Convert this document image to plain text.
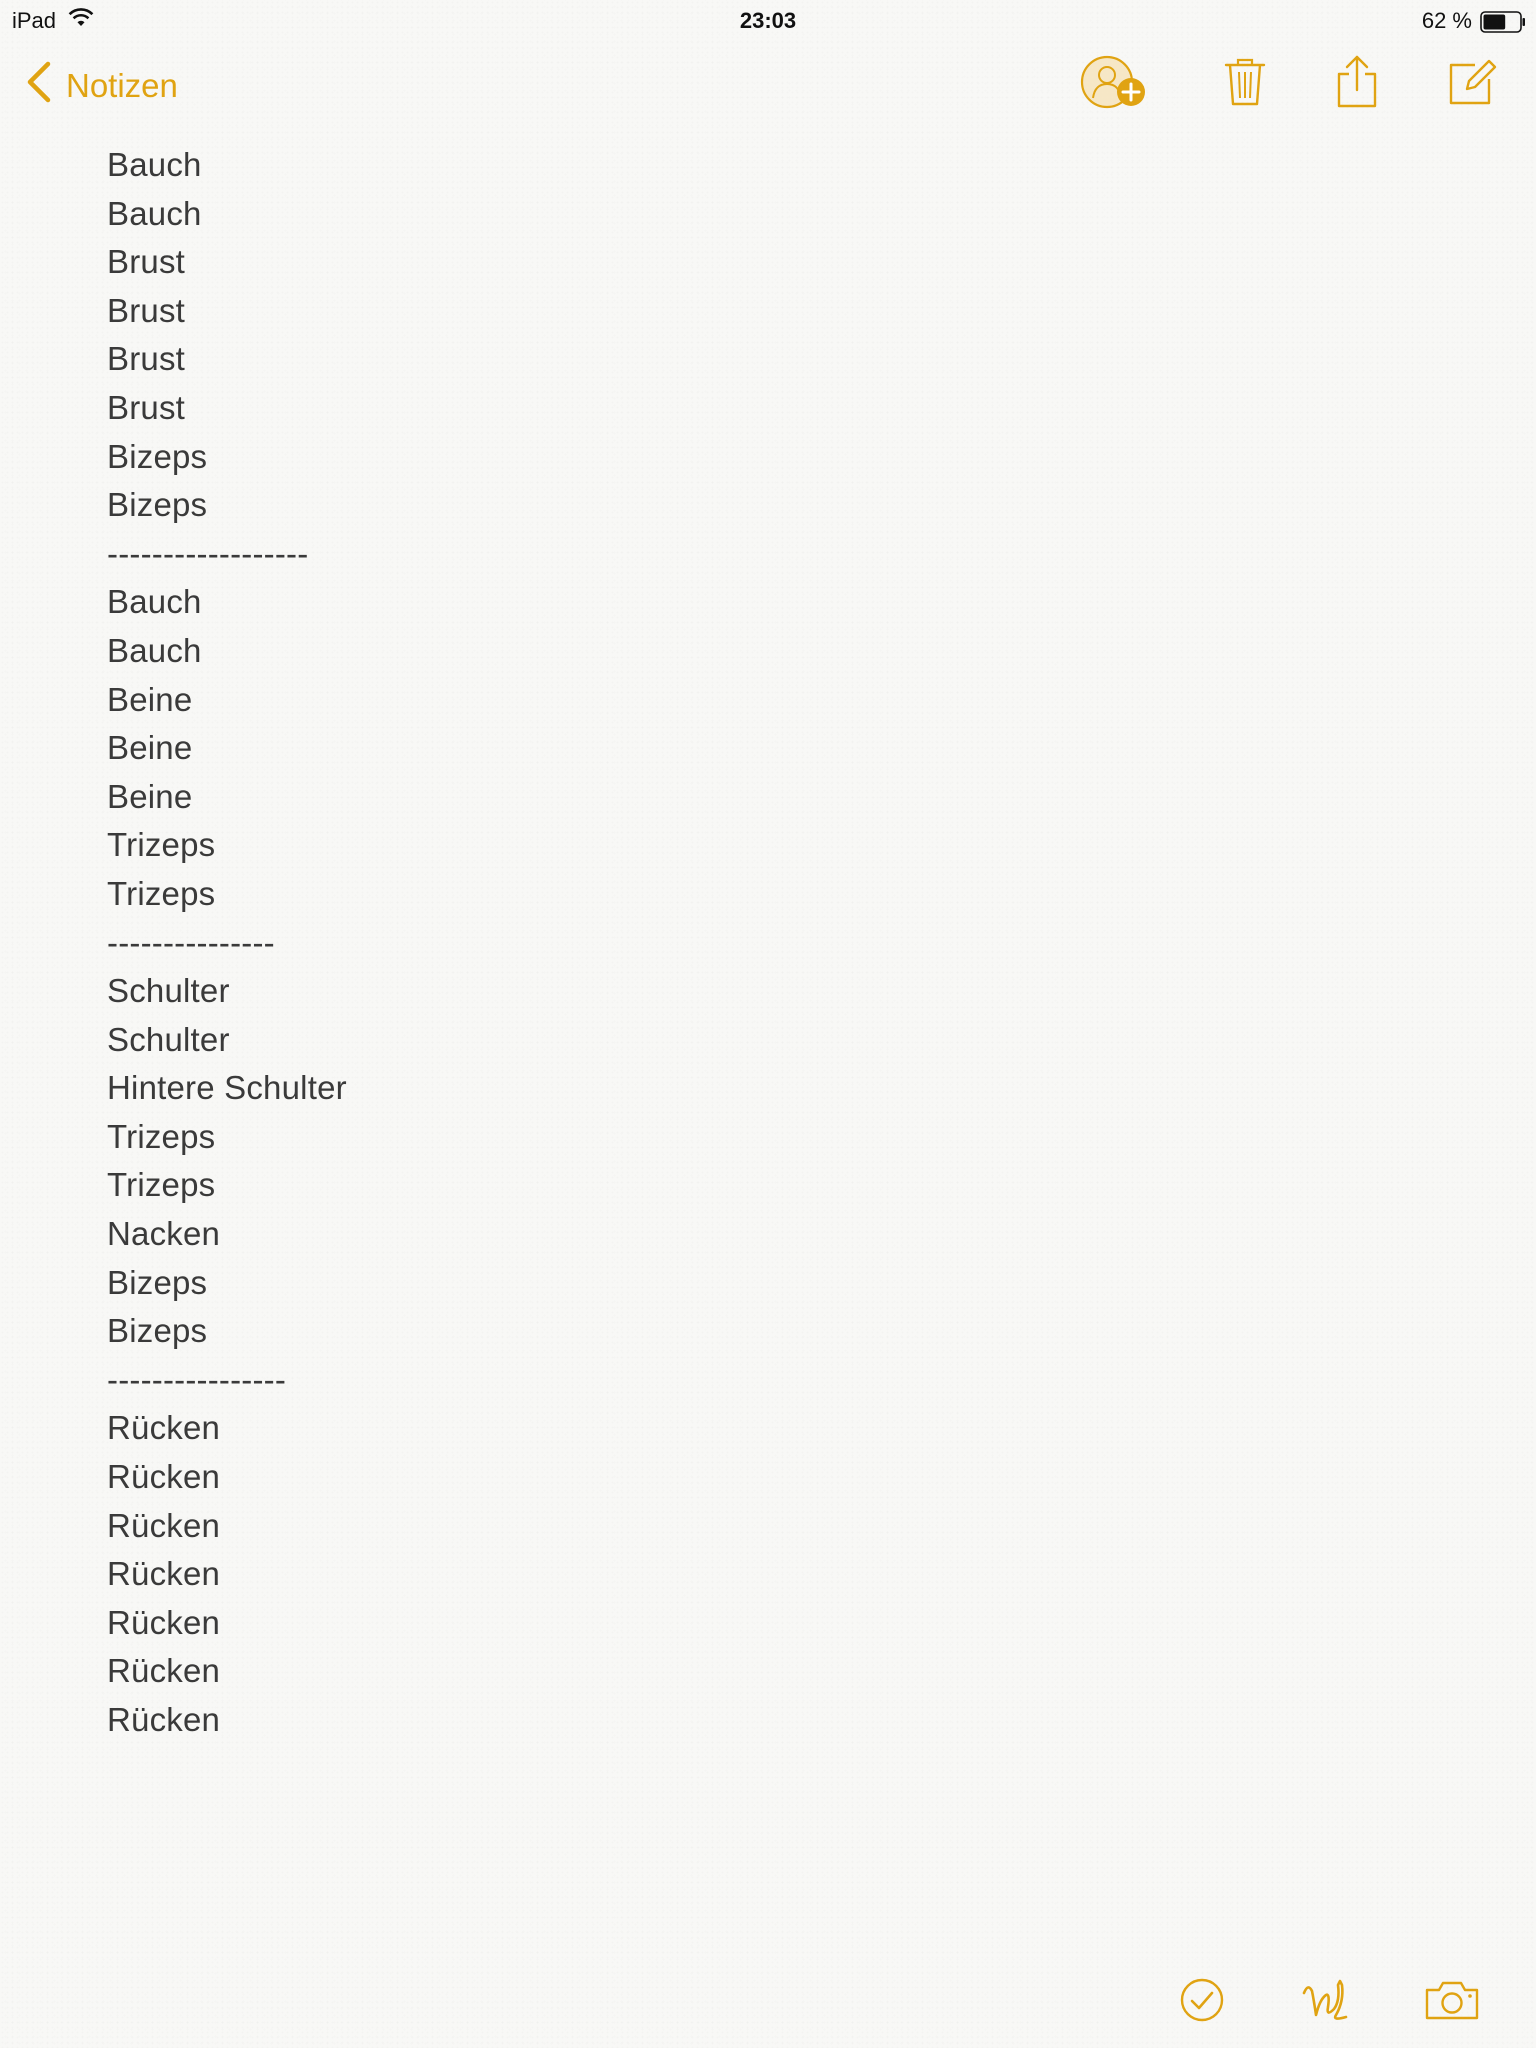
iPad	23:03	62 %
Notizen
Bauch
Bauch
Brust
Brust
Brust
Brust
Bizeps
Bizeps
------------------
Bauch
Bauch
Beine
Beine
Beine
Trizeps
Trizeps
---------------
Schulter
Schulter
Hintere Schulter
Trizeps
Trizeps
Nacken
Bizeps
Bizeps
----------------
Rücken
Rücken
Rücken
Rücken
Rücken
Rücken
Rücken
